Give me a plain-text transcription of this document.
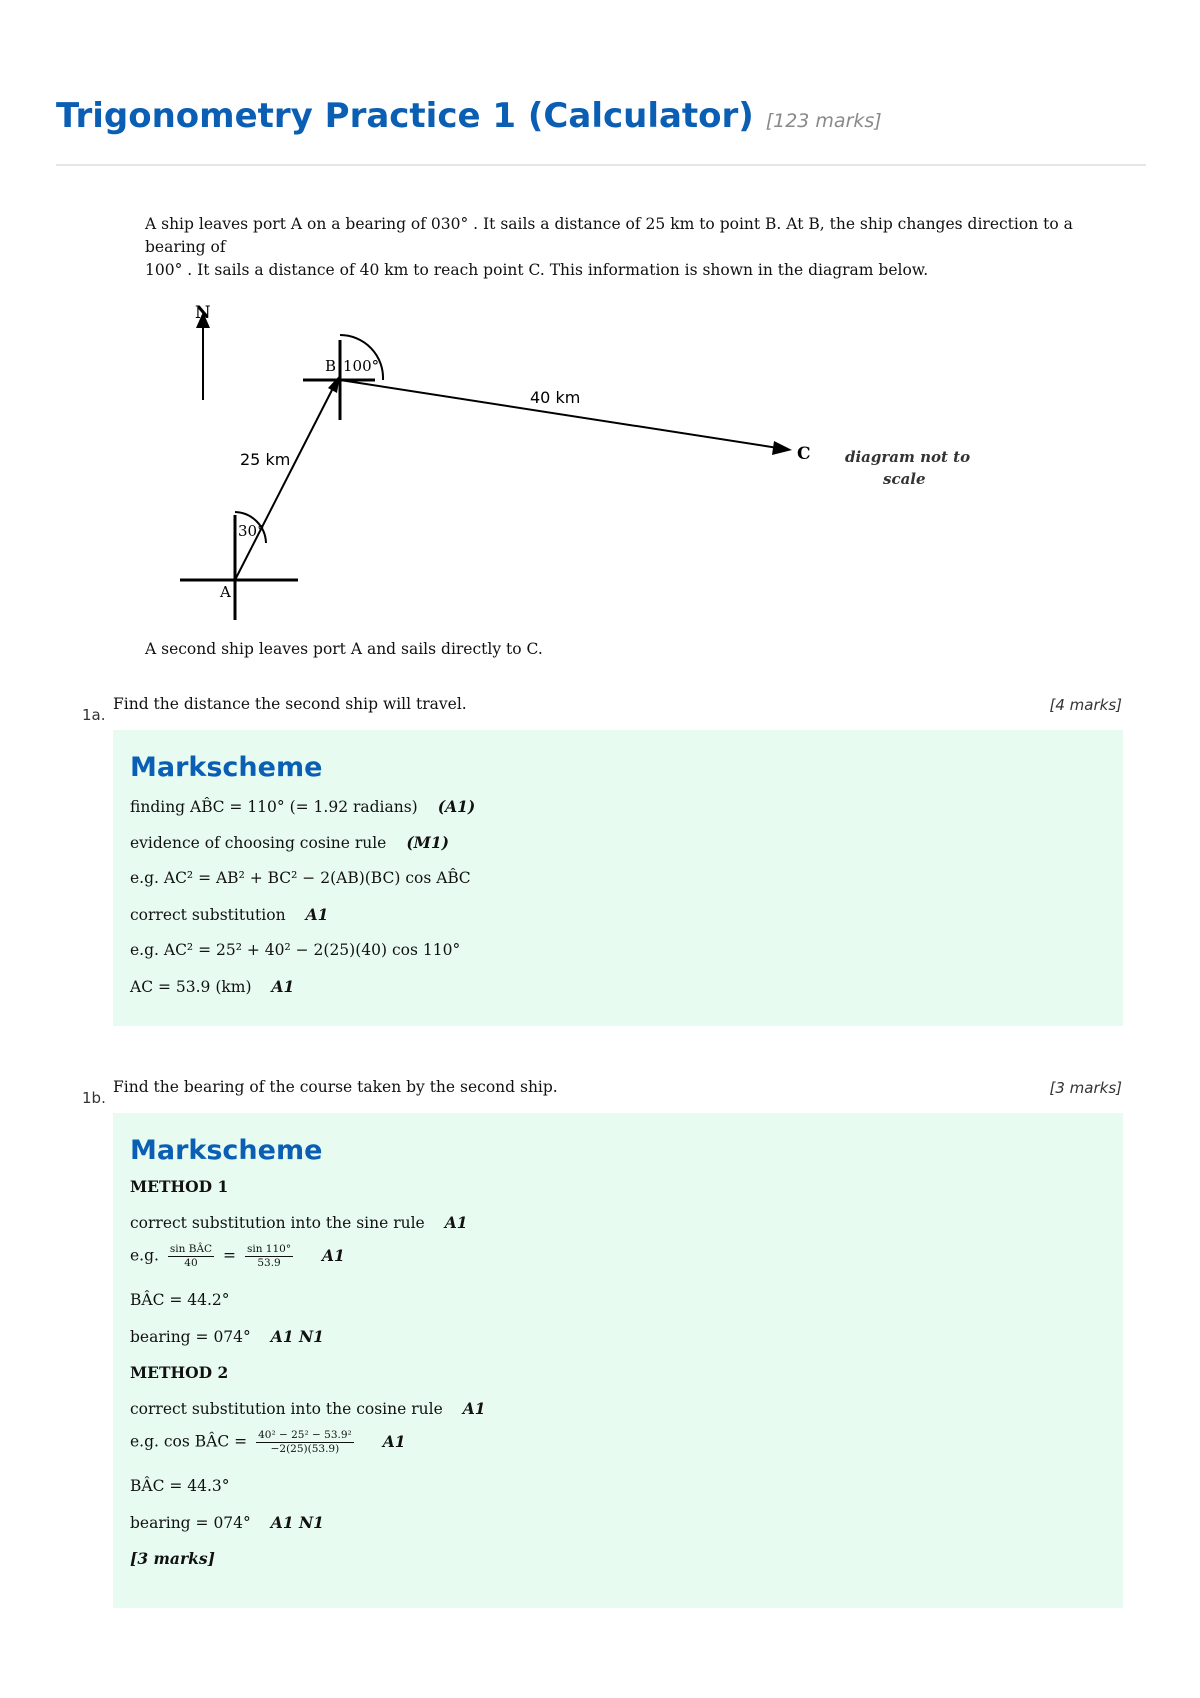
Trigonometry Practice 1 (Calculator) [123 marks]
A ship leaves port A on a bearing of 030° . It sails a distance of 25 km to point B. At B, the ship changes direction to a bearing of
100° . It sails a distance of 40 km to reach point C. This information is shown in the diagram below.
N
30°
A
B 100°
25 km
40 km
C diagram not to
scale
A second ship leaves port A and sails directly to C.
1a.
Find the distance the second ship will travel.	[4 marks]
Markscheme
finding AB̂C = 110° (= 1.92 radians) (A1)
evidence of choosing cosine rule (M1)
e.g. AC² = AB² + BC² − 2(AB)(BC) cos AB̂C
correct substitution A1
e.g. AC² = 25² + 40² − 2(25)(40) cos 110°
AC = 53.9 (km) A1
1b.
Find the bearing of the course taken by the second ship.	[3 marks]
Markscheme
METHOD 1
correct substitution into the sine rule A1
e.g. $\frac{\text{sin BÂC}}{40} = \frac{\sin 110^\circ}{53.9} A1$
BÂC = 44.2°
bearing = 074° A1 N1
METHOD 2
correct substitution into the cosine rule A1
e.g. cos BÂC = $\frac{\text{40² − 25² − 53.9²}}{-2(25)(53.9)} A1$
BÂC = 44.3°
bearing = 074° A1 N1
[3 marks]
